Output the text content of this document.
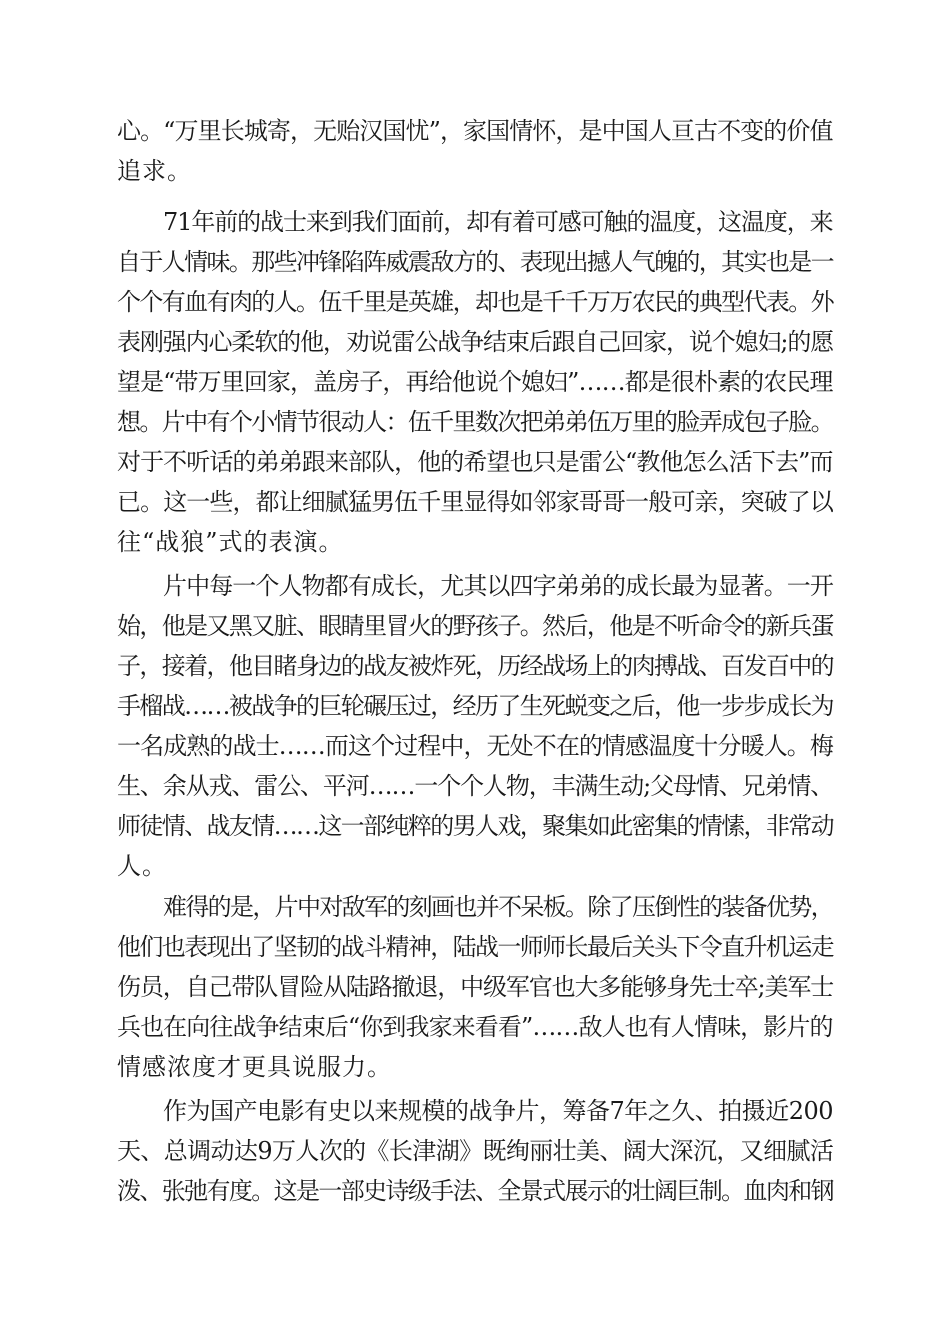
心。“万里长城寄，无贻汉国忧”，家国情怀，是中国人亘古不变的价值
追求。
71年前的战士来到我们面前，却有着可感可触的温度，这温度，来
自于人情味。那些冲锋陷阵威震敌方的、表现出撼人气魄的，其实也是一
个个有血有肉的人。伍千里是英雄，却也是千千万万农民的典型代表。外
表刚强内心柔软的他，劝说雷公战争结束后跟自己回家，说个媳妇;的愿
望是“带万里回家，盖房子，再给他说个媳妇”……都是很朴素的农民理
想。片中有个小情节很动人：伍千里数次把弟弟伍万里的脸弄成包子脸。
对于不听话的弟弟跟来部队，他的希望也只是雷公“教他怎么活下去”而
已。这一些，都让细腻猛男伍千里显得如邻家哥哥一般可亲，突破了以
往“战狼”式的表演。
片中每一个人物都有成长，尤其以四字弟弟的成长最为显著。一开
始，他是又黑又脏、眼睛里冒火的野孩子。然后，他是不听命令的新兵蛋
子，接着，他目睹身边的战友被炸死，历经战场上的肉搏战、百发百中的
手榴战……被战争的巨轮碾压过，经历了生死蜕变之后，他一步步成长为
一名成熟的战士……而这个过程中，无处不在的情感温度十分暖人。梅
生、余从戎、雷公、平河……一个个人物，丰满生动;父母情、兄弟情、
师徒情、战友情……这一部纯粹的男人戏，聚集如此密集的情愫，非常动
人。
难得的是，片中对敌军的刻画也并不呆板。除了压倒性的装备优势，
他们也表现出了坚韧的战斗精神，陆战一师师长最后关头下令直升机运走
伤员，自己带队冒险从陆路撤退，中级军官也大多能够身先士卒;美军士
兵也在向往战争结束后“你到我家来看看”……敌人也有人情味，影片的
情感浓度才更具说服力。
作为国产电影有史以来规模的战争片，筹备7年之久、拍摄近200
天、总调动达9万人次的《长津湖》既绚丽壮美、阔大深沉，又细腻活
泼、张弛有度。这是一部史诗级手法、全景式展示的壮阔巨制。血肉和钢
